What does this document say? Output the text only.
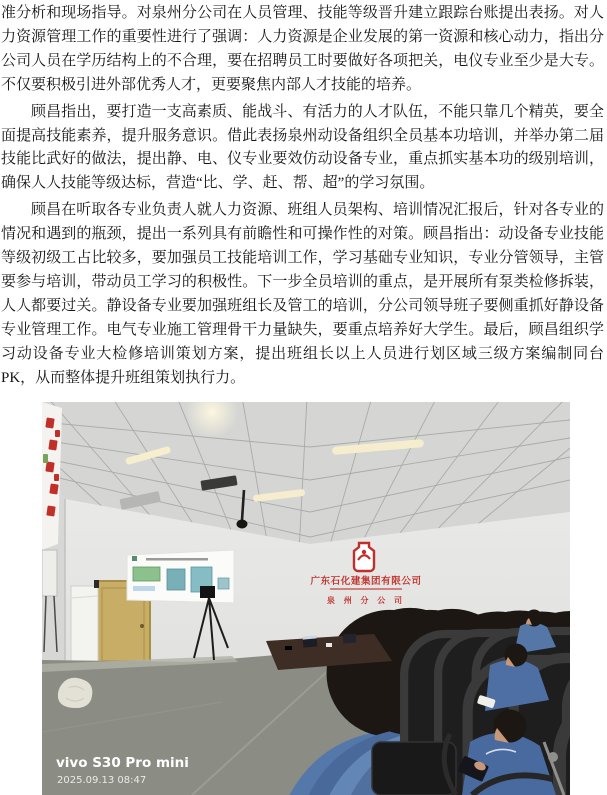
准分析和现场指导。对泉州分公司在人员管理、技能等级晋升建立跟踪台账提出表扬。对人力资源管理工作的重要性进行了强调：人力资源是企业发展的第一资源和核心动力，指出分公司人员在学历结构上的不合理，要在招聘员工时要做好各项把关，电仪专业至少是大专。不仅要积极引进外部优秀人才，更要聚焦内部人才技能的培养。

顾昌指出，要打造一支高素质、能战斗、有活力的人才队伍，不能只靠几个精英，要全面提高技能素养，提升服务意识。借此表扬泉州动设备组织全员基本功培训，并举办第二届技能比武好的做法，提出静、电、仪专业要效仿动设备专业，重点抓实基本功的级别培训，确保人人技能等级达标，营造“比、学、赶、帮、超”的学习氛围。

顾昌在听取各专业负责人就人力资源、班组人员架构、培训情况汇报后，针对各专业的情况和遇到的瓶颈，提出一系列具有前瞻性和可操作性的对策。顾昌指出：动设备专业技能等级初级工占比较多，要加强员工技能培训工作，学习基础专业知识，专业分管领导，主管要参与培训，带动员工学习的积极性。下一步全员培训的重点，是开展所有泵类检修拆装，人人都要过关。静设备专业要加强班组长及管工的培训，分公司领导班子要侧重抓好静设备专业管理工作。电气专业施工管理骨干力量缺失，要重点培养好大学生。最后，顾昌组织学习动设备专业大检修培训策划方案，提出班组长以上人员进行划区域三级方案编制同台 PK，从而整体提升班组策划执行力。

广东石化建集团有限公司
泉 州 分 公 司
vivo S30 Pro mini
2025.09.13 08:47
